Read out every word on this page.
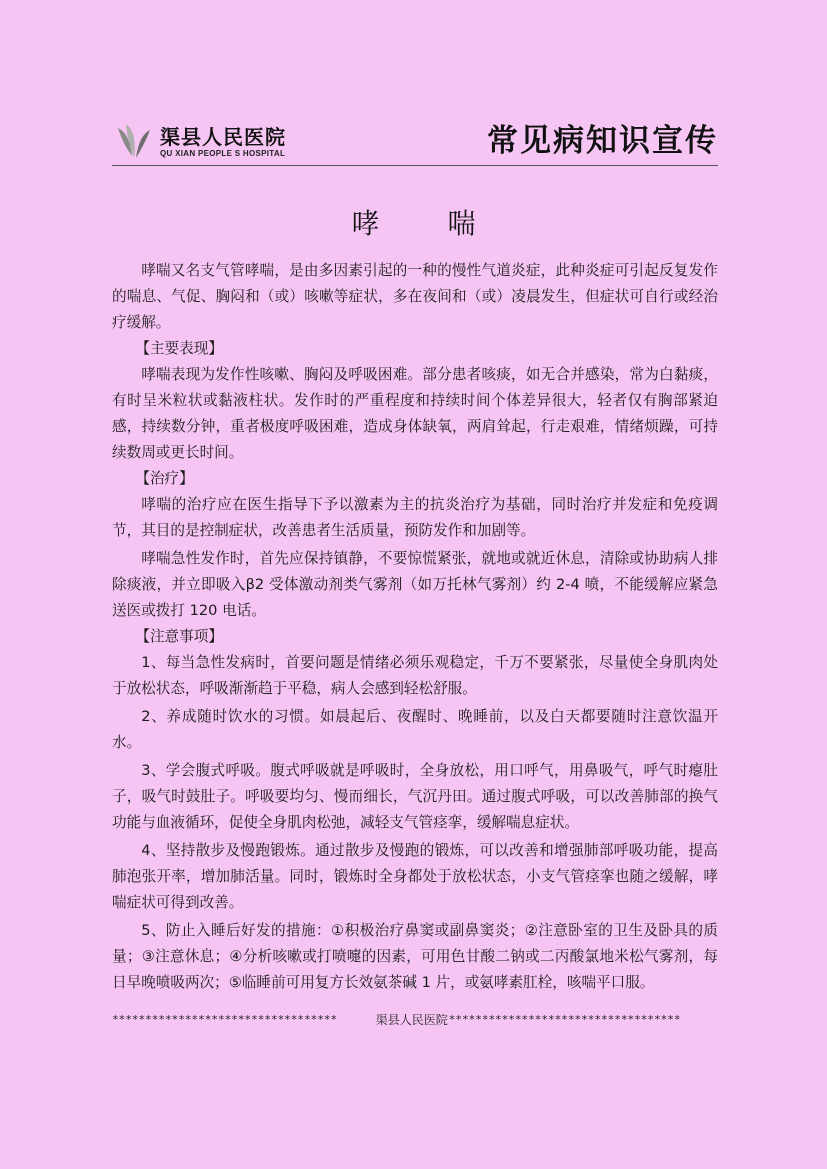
渠县人民医院
QU XIAN PEOPLE S HOSPITAL	常见病知识宣传
哮　喘

哮喘又名支气管哮喘，是由多因素引起的一种的慢性气道炎症，此种炎症可引起反复发作的喘息、气促、胸闷和（或）咳嗽等症状，多在夜间和（或）凌晨发生，但症状可自行或经治疗缓解。

【主要表现】

哮喘表现为发作性咳嗽、胸闷及呼吸困难。部分患者咳痰，如无合并感染，常为白黏痰，有时呈米粒状或黏液柱状。发作时的严重程度和持续时间个体差异很大，轻者仅有胸部紧迫感，持续数分钟，重者极度呼吸困难，造成身体缺氧，两肩耸起，行走艰难，情绪烦躁，可持续数周或更长时间。

【治疗】

哮喘的治疗应在医生指导下予以激素为主的抗炎治疗为基础，同时治疗并发症和免疫调节，其目的是控制症状，改善患者生活质量，预防发作和加剧等。

哮喘急性发作时，首先应保持镇静，不要惊慌紧张，就地或就近休息，清除或协助病人排除痰液，并立即吸入β2 受体激动剂类气雾剂（如万托林气雾剂）约 2-4 喷，不能缓解应紧急送医或拨打 120 电话。

【注意事项】

1、每当急性发病时，首要问题是情绪必须乐观稳定，千万不要紧张，尽量使全身肌肉处于放松状态，呼吸渐渐趋于平稳，病人会感到轻松舒服。

2、养成随时饮水的习惯。如晨起后、夜醒时、晚睡前，以及白天都要随时注意饮温开水。

3、学会腹式呼吸。腹式呼吸就是呼吸时，全身放松，用口呼气，用鼻吸气，呼气时瘪肚子，吸气时鼓肚子。呼吸要均匀、慢而细长，气沉丹田。通过腹式呼吸，可以改善肺部的换气功能与血液循环，促使全身肌肉松弛，减轻支气管痉挛，缓解喘息症状。

4、坚持散步及慢跑锻炼。通过散步及慢跑的锻炼，可以改善和增强肺部呼吸功能，提高肺泡张开率，增加肺活量。同时，锻炼时全身都处于放松状态，小支气管痉挛也随之缓解，哮喘症状可得到改善。

5、防止入睡后好发的措施：①积极治疗鼻窦或副鼻窦炎；②注意卧室的卫生及卧具的质量；③注意休息；④分析咳嗽或打喷嚏的因素，可用色甘酸二钠或二丙酸氯地米松气雾剂，每日早晚喷吸两次；⑤临睡前可用复方长效氨茶碱 1 片，或氨哮素肛栓，咳喘平口服。

**********************************	渠县人民医院 ***********************************
